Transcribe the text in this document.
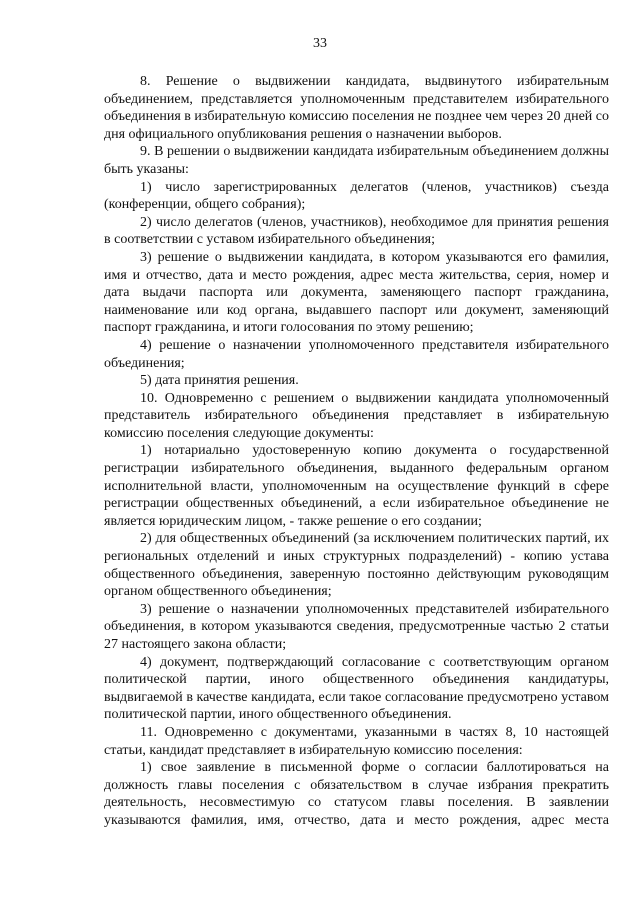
33

8. Решение о выдвижении кандидата, выдвинутого избирательным объединением, представляется уполномоченным представителем избирательного объединения в избирательную комиссию поселения не позднее чем через 20 дней со дня официального опубликования решения о назначении выборов.

9. В решении о выдвижении кандидата избирательным объединением должны быть указаны:

1) число зарегистрированных делегатов (членов, участников) съезда (конференции, общего собрания);

2) число делегатов (членов, участников), необходимое для принятия решения в соответствии с уставом избирательного объединения;

3) решение о выдвижении кандидата, в котором указываются его фамилия, имя и отчество, дата и место рождения, адрес места жительства, серия, номер и дата выдачи паспорта или документа, заменяющего паспорт гражданина, наименование или код органа, выдавшего паспорт или документ, заменяющий паспорт гражданина, и итоги голосования по этому решению;

4) решение о назначении уполномоченного представителя избирательного объединения;

5) дата принятия решения.

10. Одновременно с решением о выдвижении кандидата уполномоченный представитель избирательного объединения представляет в избирательную комиссию поселения следующие документы:

1) нотариально удостоверенную копию документа о государственной регистрации избирательного объединения, выданного федеральным органом исполнительной власти, уполномоченным на осуществление функций в сфере регистрации общественных объединений, а если избирательное объединение не является юридическим лицом, - также решение о его создании;

2) для общественных объединений (за исключением политических партий, их региональных отделений и иных структурных подразделений) - копию устава общественного объединения, заверенную постоянно действующим руководящим органом общественного объединения;

3) решение о назначении уполномоченных представителей избирательного объединения, в котором указываются сведения, предусмотренные частью 2 статьи 27 настоящего закона области;

4) документ, подтверждающий согласование с соответствующим органом политической партии, иного общественного объединения кандидатуры, выдвигаемой в качестве кандидата, если такое согласование предусмотрено уставом политической партии, иного общественного объединения.

11. Одновременно с документами, указанными в частях 8, 10 настоящей статьи, кандидат представляет в избирательную комиссию поселения:

1) свое заявление в письменной форме о согласии баллотироваться на должность главы поселения с обязательством в случае избрания прекратить деятельность, несовместимую со статусом главы поселения. В заявлении указываются фамилия, имя, отчество, дата и место рождения, адрес места
